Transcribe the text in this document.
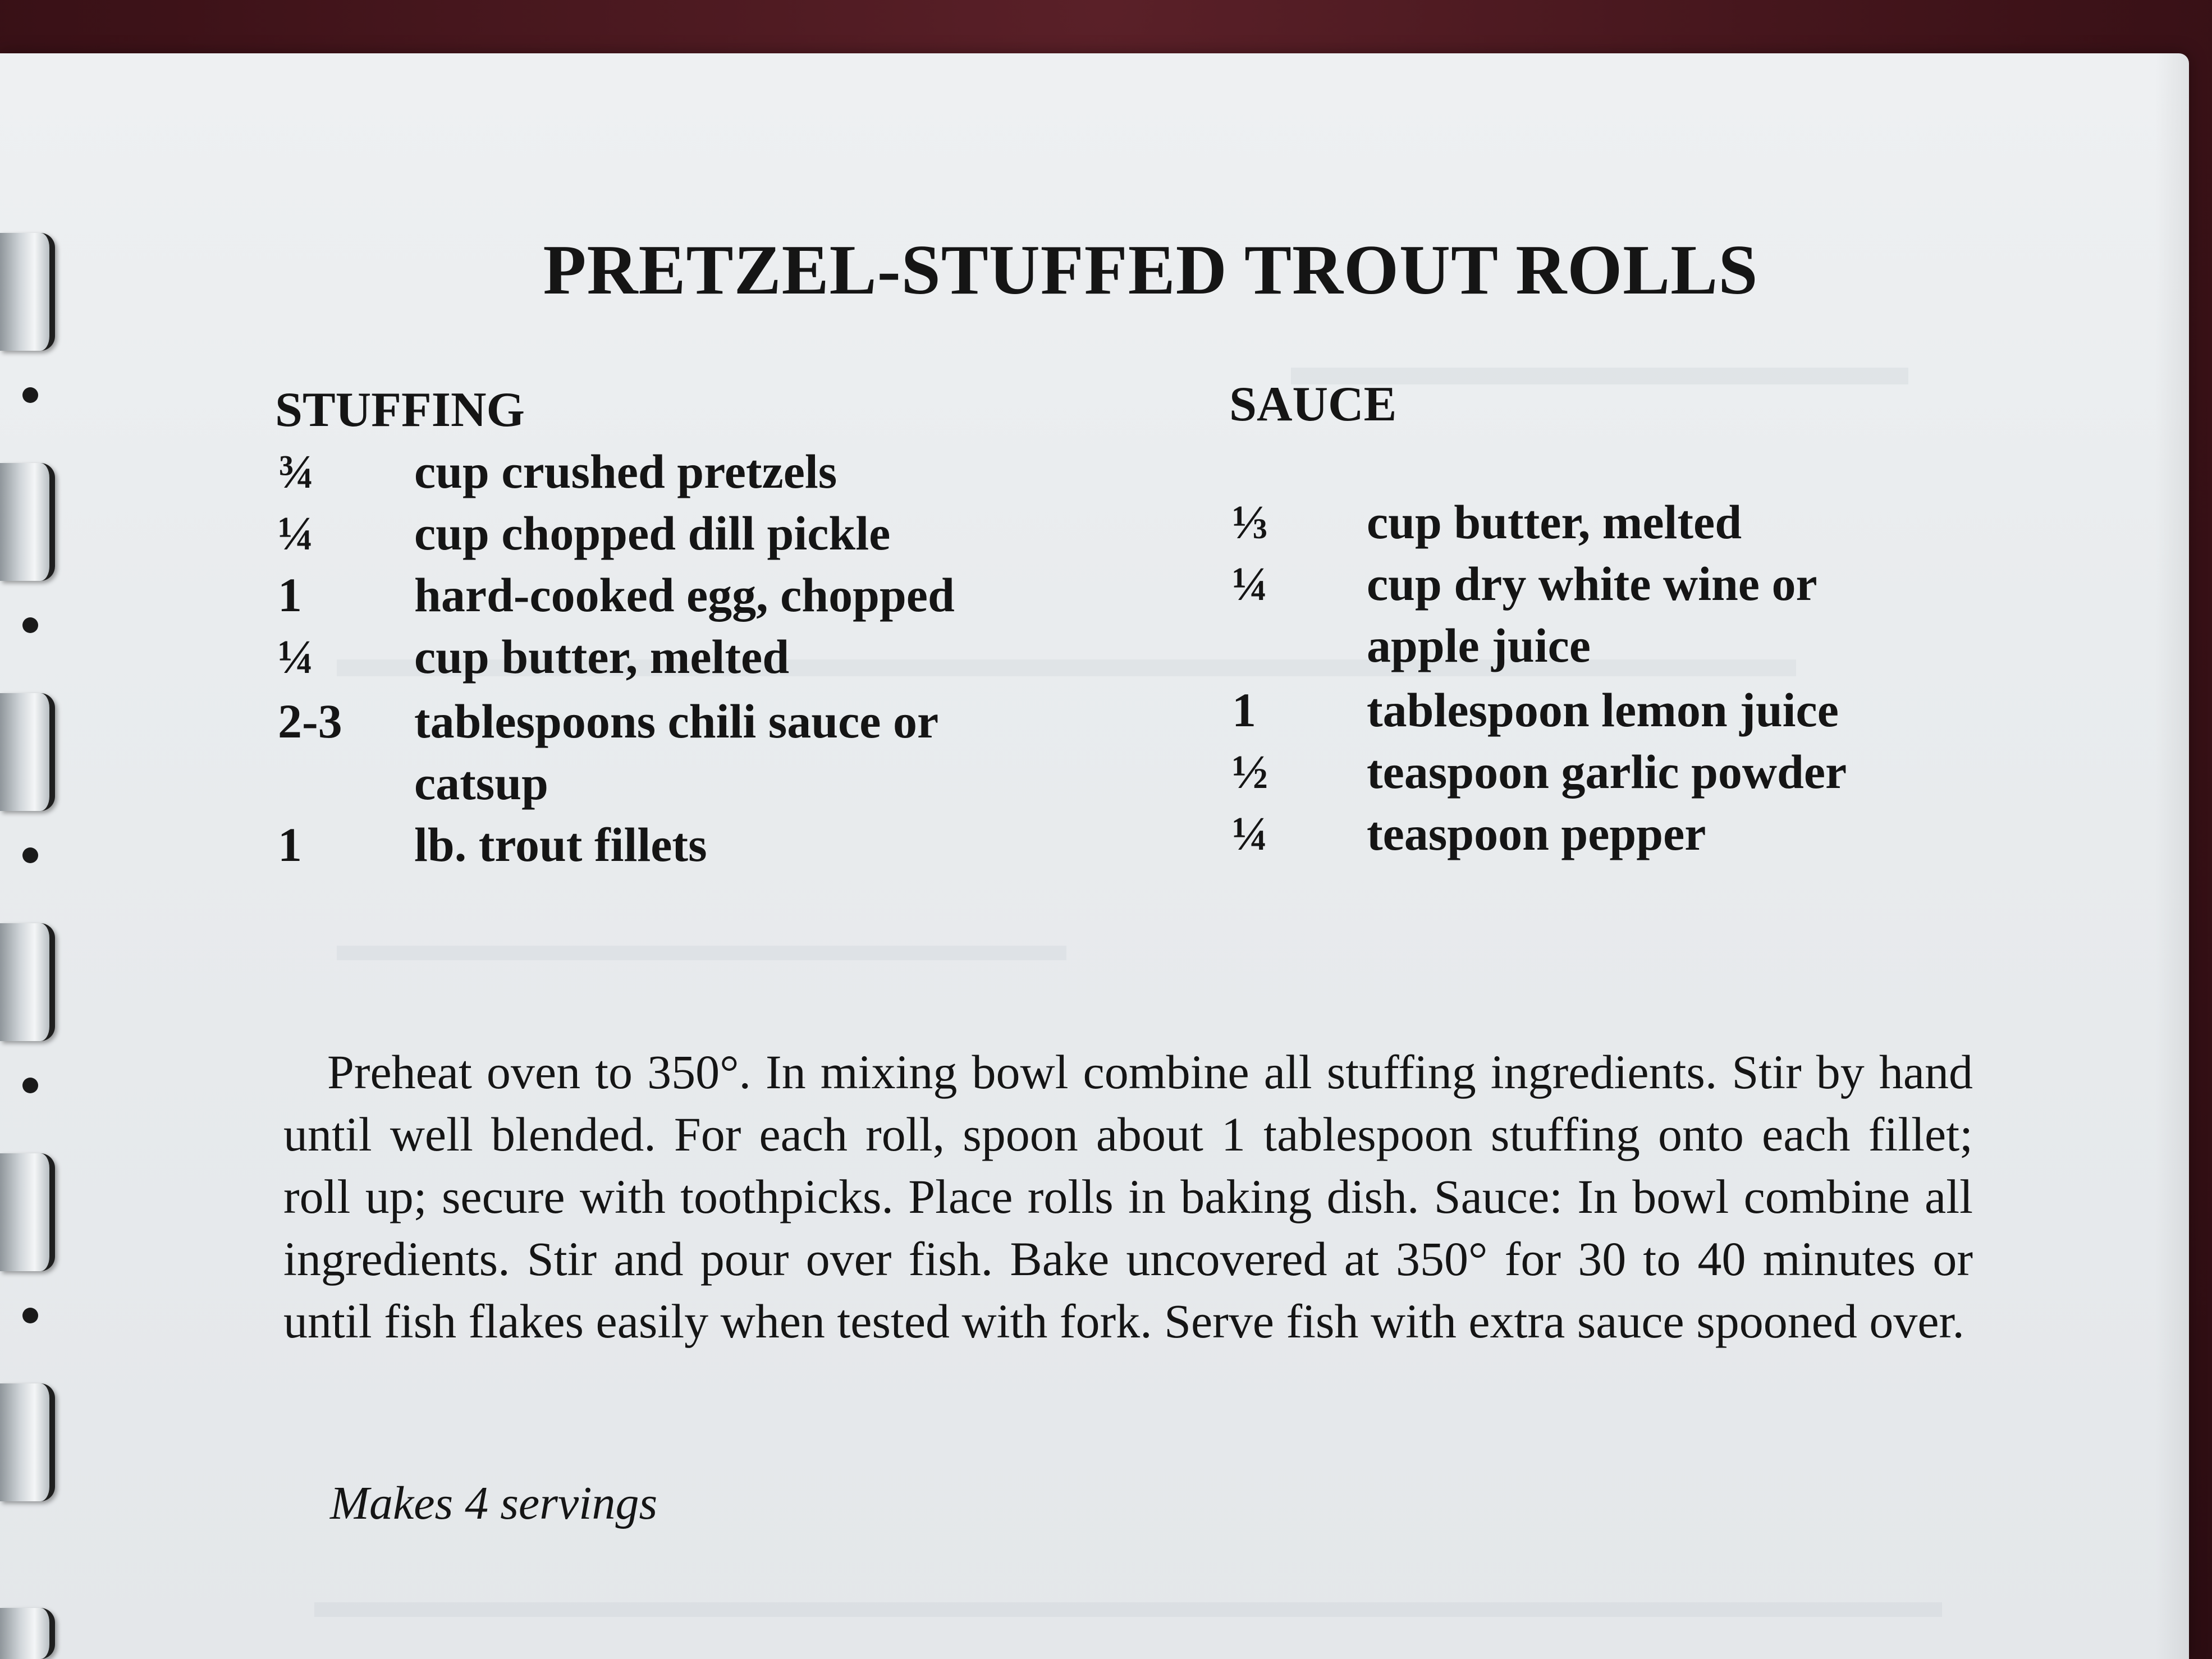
PRETZEL-STUFFED TROUT ROLLS
STUFFING
¾ cup crushed pretzels
¼ cup chopped dill pickle
1 hard-cooked egg, chopped
¼ cup butter, melted
2-3 tablespoons chili sauce or
catsup
1 lb. trout fillets
SAUCE
⅓ cup butter, melted
¼ cup dry white wine or
apple juice
1 tablespoon lemon juice
½ teaspoon garlic powder
¼ teaspoon pepper

Preheat oven to 350°. In mixing bowl combine all stuffing ingredients. Stir by hand until well blended. For each roll, spoon about 1 tablespoon stuffing onto each fillet; roll up; secure with toothpicks. Place rolls in baking dish. Sauce: In bowl combine all ingredients. Stir and pour over fish. Bake uncovered at 350° for 30 to 40 minutes or until fish flakes easily when tested with fork. Serve fish with extra sauce spooned over.

Makes 4 servings
